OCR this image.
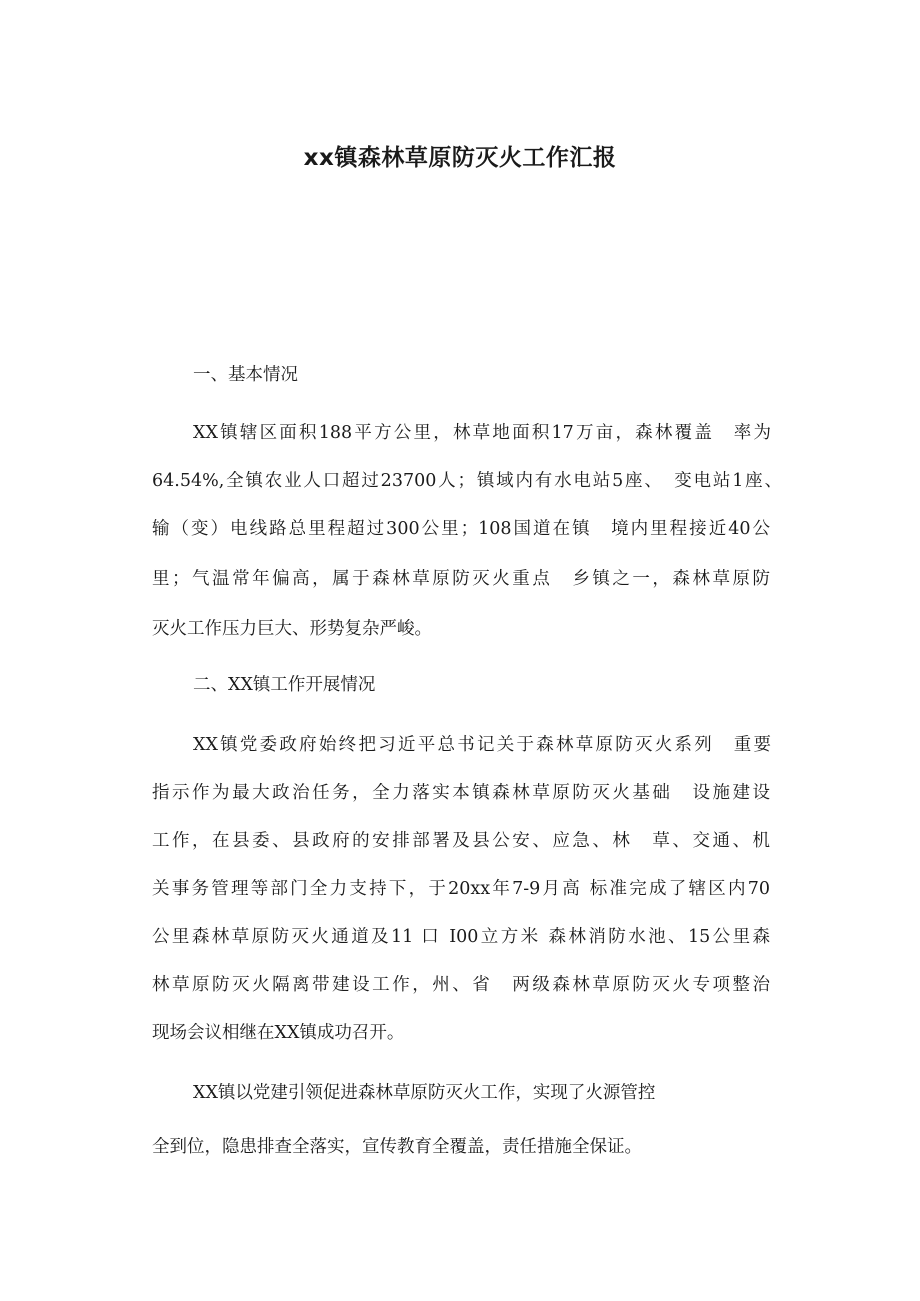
xx镇森林草原防灭火工作汇报

一、基本情况

XX镇辖区面积188平方公里，林草地面积17万亩，森林覆盖　率为

64.54%,全镇农业人口超过23700人；镇域内有水电站5座、　变电站1座、

输（变）电线路总里程超过300公里；108国道在镇　境内里程接近40公

里；气温常年偏高，属于森林草原防灭火重点　乡镇之一，森林草原防

灭火工作压力巨大、形势复杂严峻。

二、XX镇工作开展情况

XX镇党委政府始终把习近平总书记关于森林草原防灭火系列　重要

指示作为最大政治任务，全力落实本镇森林草原防灭火基础　设施建设

工作，在县委、县政府的安排部署及县公安、应急、林　草、交通、机

关事务管理等部门全力支持下，于20xx年7-9月高 标准完成了辖区内70

公里森林草原防灭火通道及11 口 I00立方米 森林消防水池、15公里森

林草原防灭火隔离带建设工作，州、省　两级森林草原防灭火专项整治

现场会议相继在XX镇成功召开。

XX镇以党建引领促进森林草原防灭火工作，实现了火源管控

全到位，隐患排查全落实，宣传教育全覆盖，责任措施全保证。
